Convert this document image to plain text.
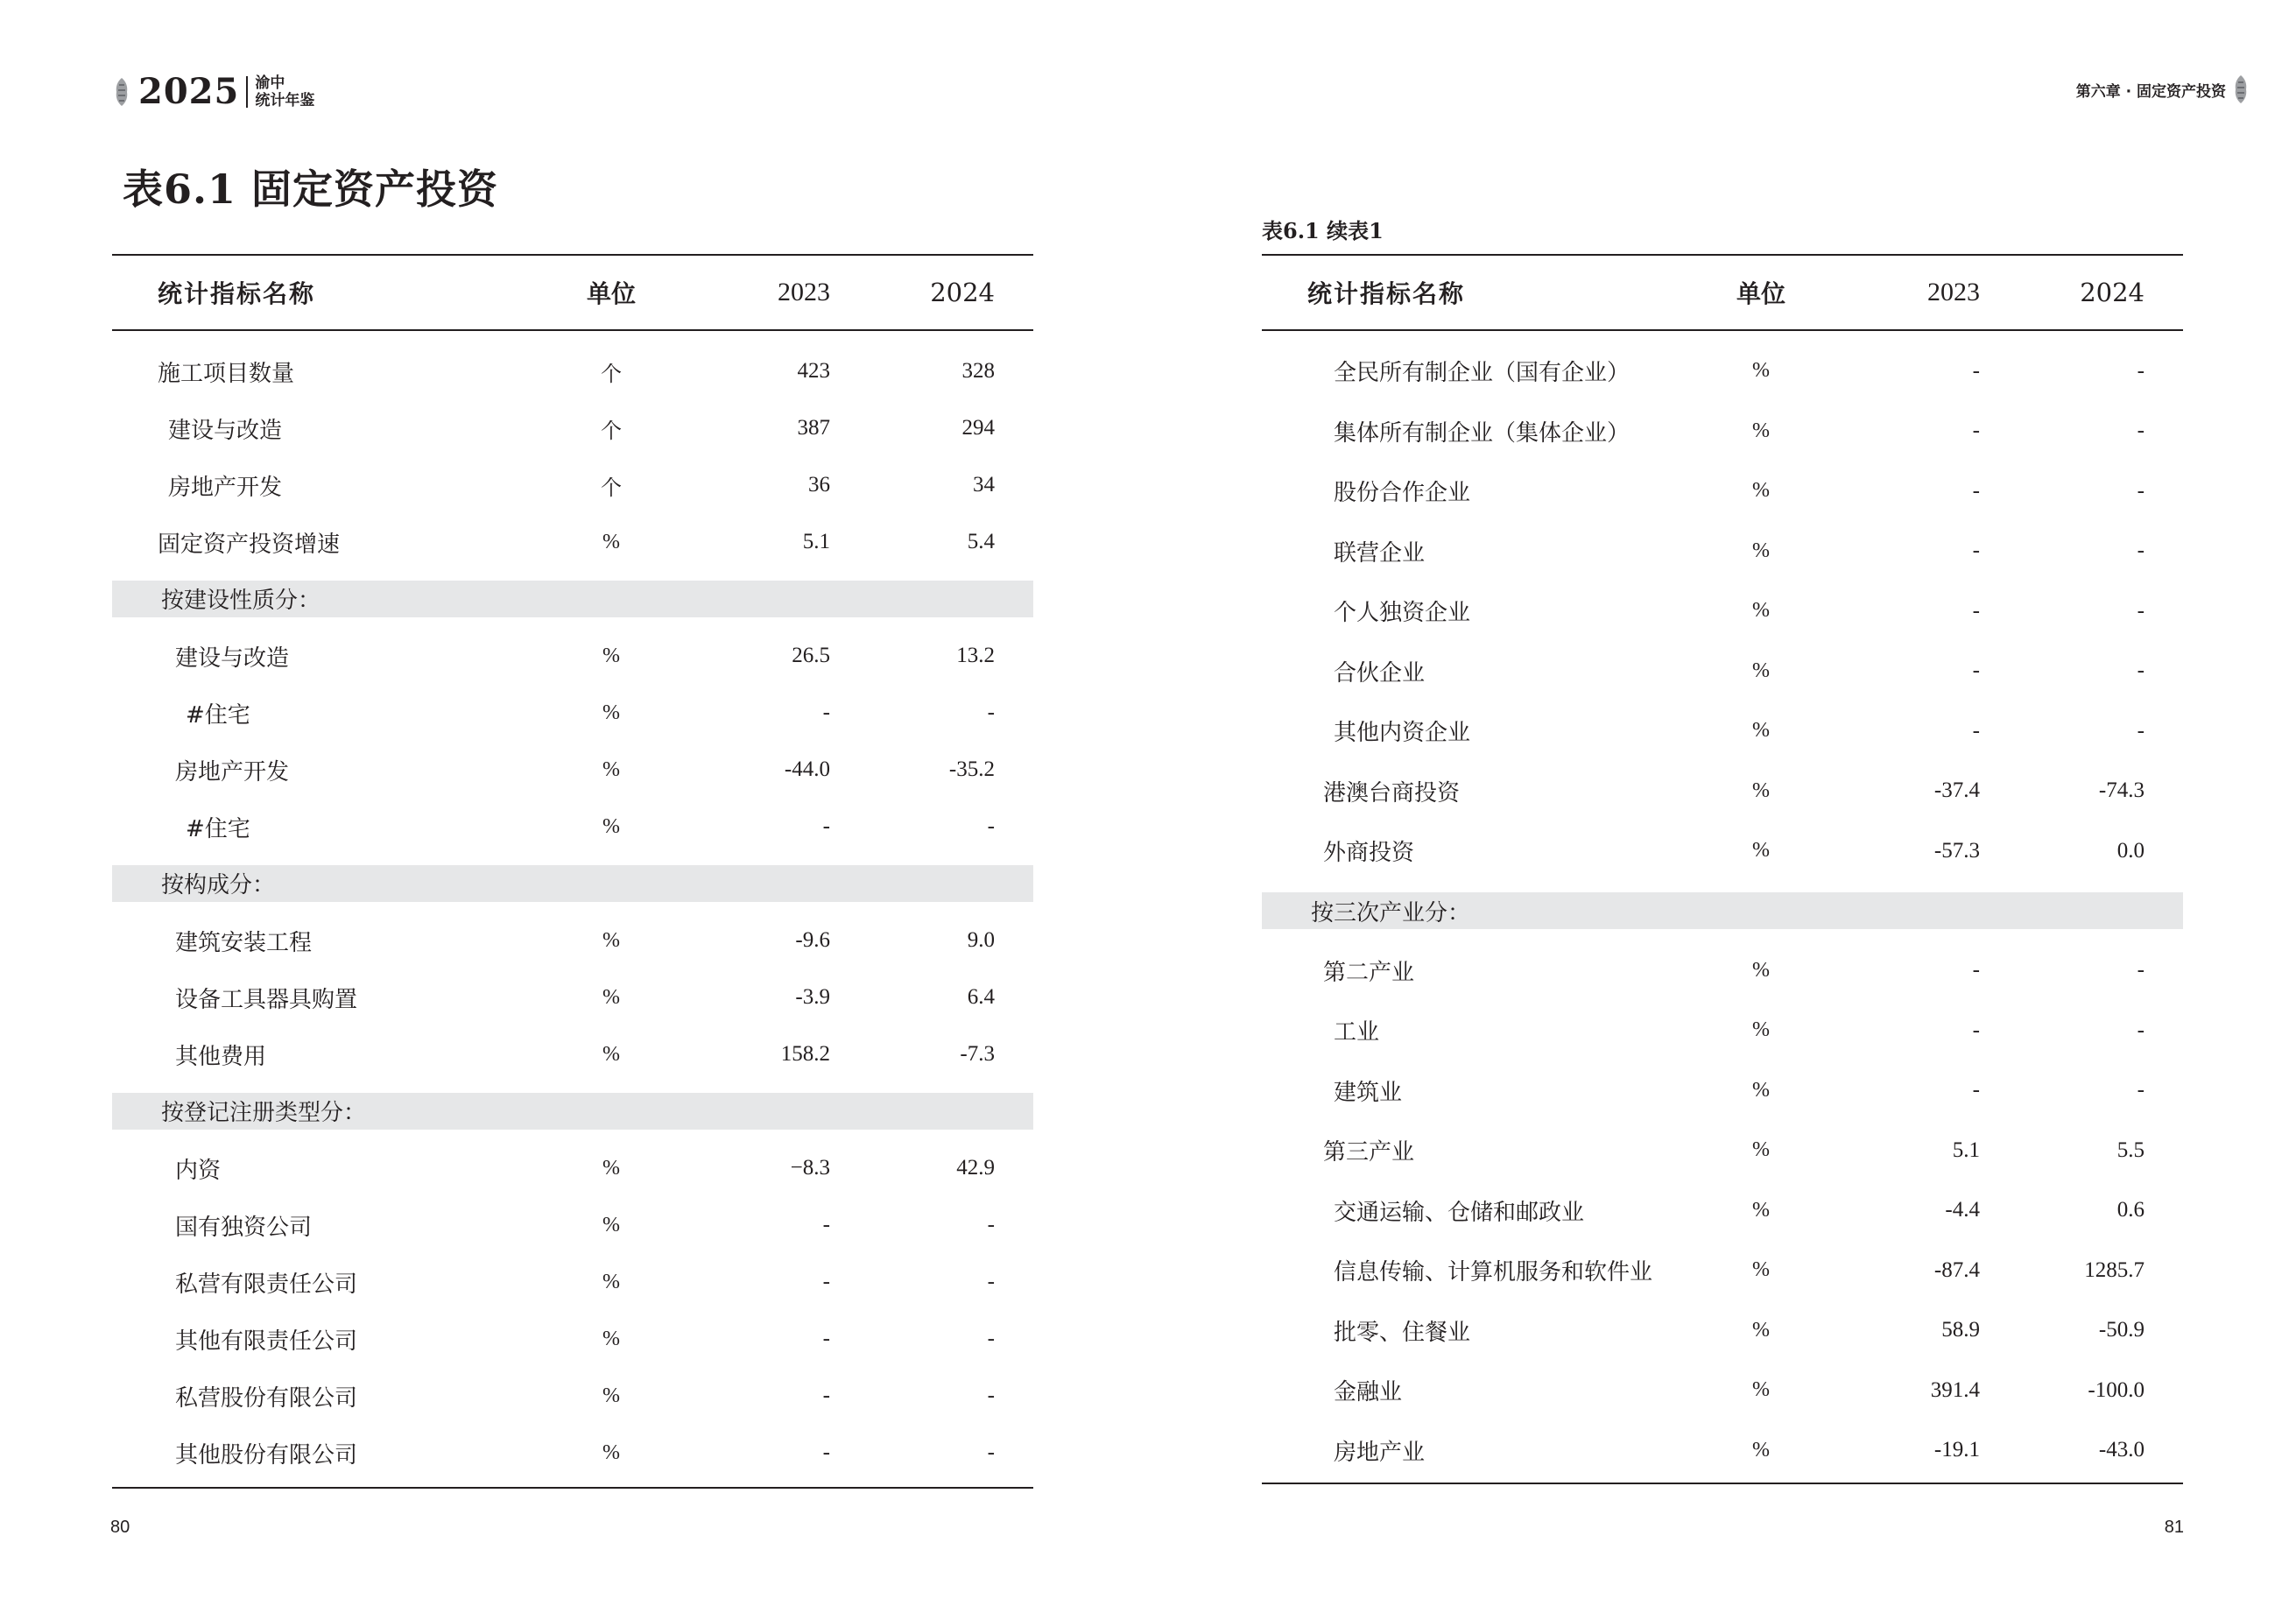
2025 渝中
统计年鉴
表6.1 固定资产投资
统计指标名称	单位	2023	2024
施工项目数量	个	423	328
建设与改造	个	387	294
房地产开发	个	36	34
固定资产投资增速	%	5.1	5.4
按建设性质分：
建设与改造	%	26.5	13.2
#住宅	%	-	-
房地产开发	%	-44.0	-35.2
#住宅	%	-	-
按构成分：
建筑安装工程	%	-9.6	9.0
设备工具器具购置	%	-3.9	6.4
其他费用	%	158.2	-7.3
按登记注册类型分：
内资	%	−8.3	42.9
国有独资公司	%	-	-
私营有限责任公司	%	-	-
其他有限责任公司	%	-	-
私营股份有限公司	%	-	-
其他股份有限公司	%	-	-
80
第六章 · 固定资产投资
表6.1 续表1
统计指标名称	单位	2023	2024
全民所有制企业（国有企业）	%	-	-
集体所有制企业（集体企业）	%	-	-
股份合作企业	%	-	-
联营企业	%	-	-
个人独资企业	%	-	-
合伙企业	%	-	-
其他内资企业	%	-	-
港澳台商投资	%	-37.4	-74.3
外商投资	%	-57.3	0.0
按三次产业分：
第二产业	%	-	-
工业	%	-	-
建筑业	%	-	-
第三产业	%	5.1	5.5
交通运输、仓储和邮政业	%	-4.4	0.6
信息传输、计算机服务和软件业	%	-87.4	1285.7
批零、住餐业	%	58.9	-50.9
金融业	%	391.4	-100.0
房地产业	%	-19.1	-43.0
81
